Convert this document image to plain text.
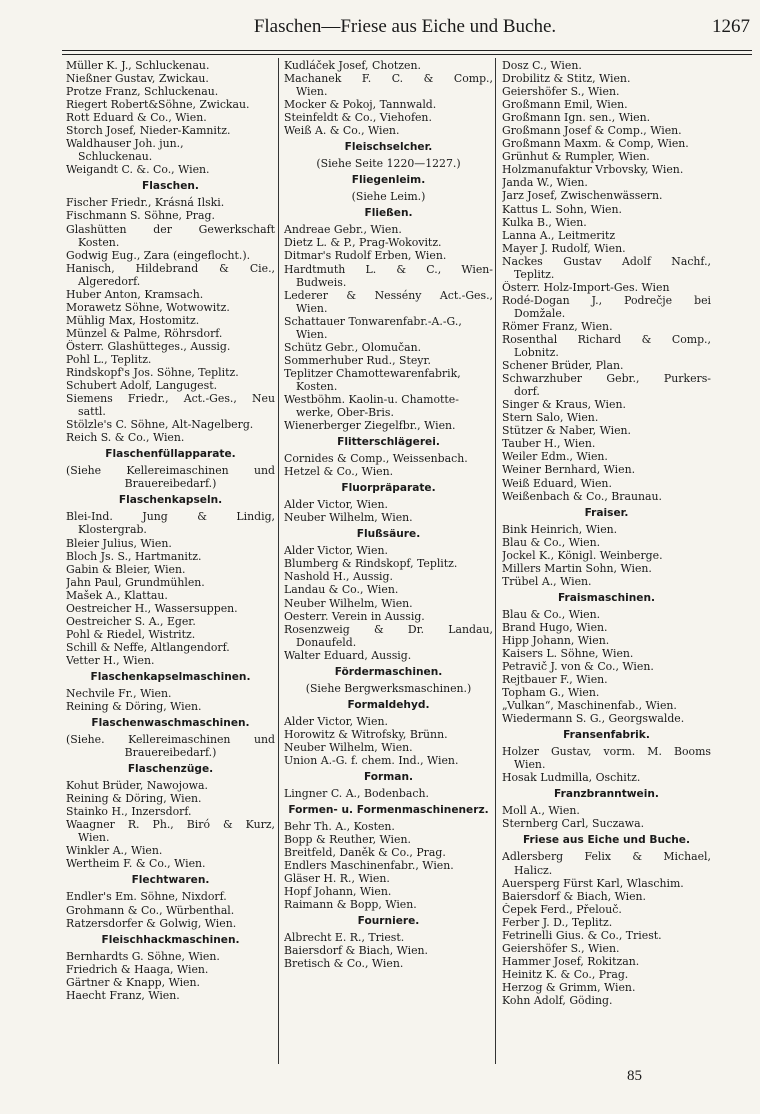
Flaschen—Friese aus Eiche und Buche.	1267
Müller K. J., Schluckenau.
Nießner Gustav, Zwickau.
Protze Franz, Schluckenau.
Riegert Robert&Söhne, Zwickau.
Rott Eduard & Co., Wien.
Storch Josef, Nieder-Kamnitz.
Waldhauser Joh. jun.,
Schluckenau.
Weigandt C. &. Co., Wien.
Flaschen.
Fischer Friedr., Krásná Ilski.
Fischmann S. Söhne, Prag.
Glashütten der Gewerkschaft
Kosten.
Godwig Eug., Zara (eingeflocht.).
Hanisch, Hildebrand & Cie.,
Algeredorf.
Huber Anton, Kramsach.
Morawetz Söhne, Wotwowitz.
Mühlig Max, Hostomitz.
Münzel & Palme, Röhrsdorf.
Österr. Glashütteges., Aussig.
Pohl L., Teplitz.
Rindskopf's Jos. Söhne, Teplitz.
Schubert Adolf, Langugest.
Siemens Friedr., Act.-Ges., Neu
sattl.
Stölzle's C. Söhne, Alt-Nagelberg.
Reich S. & Co., Wien.
Flaschenfüllapparate.
(Siehe Kellereimaschinen und
Brauereibedarf.)
Flaschenkapseln.
Blei-Ind. Jung & Lindig,
Klostergrab.
Bleier Julius, Wien.
Bloch Js. S., Hartmanitz.
Gabin & Bleier, Wien.
Jahn Paul, Grundmühlen.
Mašek A., Klattau.
Oestreicher H., Wassersuppen.
Oestreicher S. A., Eger.
Pohl & Riedel, Wistritz.
Schill & Neffe, Altlangendorf.
Vetter H., Wien.
Flaschenkapselmaschinen.
Nechvile Fr., Wien.
Reining & Döring, Wien.
Flaschenwaschmaschinen.
(Siehe. Kellereimaschinen und
Brauereibedarf.)
Flaschenzüge.
Kohut Brüder, Nawojowa.
Reining & Döring, Wien.
Stainko H., Inzersdorf.
Waagner R. Ph., Biró & Kurz,
Wien.
Winkler A., Wien.
Wertheim F. & Co., Wien.
Flechtwaren.
Endler's Em. Söhne, Nixdorf.
Grohmann & Co., Würbenthal.
Ratzersdorfer & Golwig, Wien.
Fleischhackmaschinen.
Bernhardts G. Söhne, Wien.
Friedrich & Haaga, Wien.
Gärtner & Knapp, Wien.
Haecht Franz, Wien.
Kudláček Josef, Chotzen.
Machanek F. C. & Comp.,
Wien.
Mocker & Pokoj, Tannwald.
Steinfeldt & Co., Viehofen.
Weiß A. & Co., Wien.
Fleischselcher.
(Siehe Seite 1220—1227.)
Fliegenleim.
(Siehe Leim.)
Fließen.
Andreae Gebr., Wien.
Dietz L. & P., Prag-Wokovitz.
Ditmar's Rudolf Erben, Wien.
Hardtmuth L. & C., Wien-
Budweis.
Lederer & Nessény Act.-Ges.,
Wien.
Schattauer Tonwarenfabr.-A.-G.,
Wien.
Schütz Gebr., Olomučan.
Sommerhuber Rud., Steyr.
Teplitzer Chamottewarenfabrik,
Kosten.
Westböhm. Kaolin-u. Chamotte-
werke, Ober-Bris.
Wienerberger Ziegelfbr., Wien.
Flitterschlägerei.
Cornides & Comp., Weissenbach.
Hetzel & Co., Wien.
Fluorpräparate.
Alder Victor, Wien.
Neuber Wilhelm, Wien.
Flußsäure.
Alder Victor, Wien.
Blumberg & Rindskopf, Teplitz.
Nashold H., Aussig.
Landau & Co., Wien.
Neuber Wilhelm, Wien.
Oesterr. Verein in Aussig.
Rosenzweig & Dr. Landau,
Donaufeld.
Walter Eduard, Aussig.
Fördermaschinen.
(Siehe Bergwerksmaschinen.)
Formaldehyd.
Alder Victor, Wien.
Horowitz & Witrofsky, Brünn.
Neuber Wilhelm, Wien.
Union A.-G. f. chem. Ind., Wien.
Forman.
Lingner C. A., Bodenbach.
Formen- u. Formenmaschinenerz.
Behr Th. A., Kosten.
Bopp & Reuther, Wien.
Breitfeld, Daněk & Co., Prag.
Endlers Maschinenfabr., Wien.
Gläser H. R., Wien.
Hopf Johann, Wien.
Raimann & Bopp, Wien.
Fourniere.
Albrecht E. R., Triest.
Baiersdorf & Biach, Wien.
Bretisch & Co., Wien.
Dosz C., Wien.
Drobilitz & Stitz, Wien.
Geiershöfer S., Wien.
Großmann Emil, Wien.
Großmann Ign. sen., Wien.
Großmann Josef & Comp., Wien.
Großmann Maxm. & Comp, Wien.
Grünhut & Rumpler, Wien.
Holzmanufaktur Vrbovsky, Wien.
Janda W., Wien.
Jarz Josef, Zwischenwässern.
Kattus L. Sohn, Wien.
Kulka B., Wien.
Lanna A., Leitmeritz
Mayer J. Rudolf, Wien.
Nackes Gustav Adolf Nachf.,
Teplitz.
Österr. Holz-Import-Ges. Wien
Rodé-Dogan J., Podrečje bei
Domžale.
Römer Franz, Wien.
Rosenthal Richard & Comp.,
Lobnitz.
Schener Brüder, Plan.
Schwarzhuber Gebr., Purkers-
dorf.
Singer & Kraus, Wien.
Stern Salo, Wien.
Stützer & Naber, Wien.
Tauber H., Wien.
Weiler Edm., Wien.
Weiner Bernhard, Wien.
Weiß Eduard, Wien.
Weißenbach & Co., Braunau.
Fraiser.
Bink Heinrich, Wien.
Blau & Co., Wien.
Jockel K., Königl. Weinberge.
Millers Martin Sohn, Wien.
Trübel A., Wien.
Fraismaschinen.
Blau & Co., Wien.
Brand Hugo, Wien.
Hipp Johann, Wien.
Kaisers L. Söhne, Wien.
Petravič J. von & Co., Wien.
Rejtbauer F., Wien.
Topham G., Wien.
„Vulkan“, Maschinenfab., Wien.
Wiedermann S. G., Georgswalde.
Fransenfabrik.
Holzer Gustav, vorm. M. Booms
Wien.
Hosak Ludmilla, Oschitz.
Franzbranntwein.
Moll A., Wien.
Sternberg Carl, Suczawa.
Friese aus Eiche und Buche.
Adlersberg Felix & Michael,
Halicz.
Auersperg Fürst Karl, Wlaschim.
Baiersdorf & Biach, Wien.
Čepek Ferd., Přelouč.
Ferber J. D., Teplitz.
Fetrinelli Gius. & Co., Triest.
Geiershöfer S., Wien.
Hammer Josef, Rokitzan.
Heinitz K. & Co., Prag.
Herzog & Grimm, Wien.
Kohn Adolf, Göding.
85
